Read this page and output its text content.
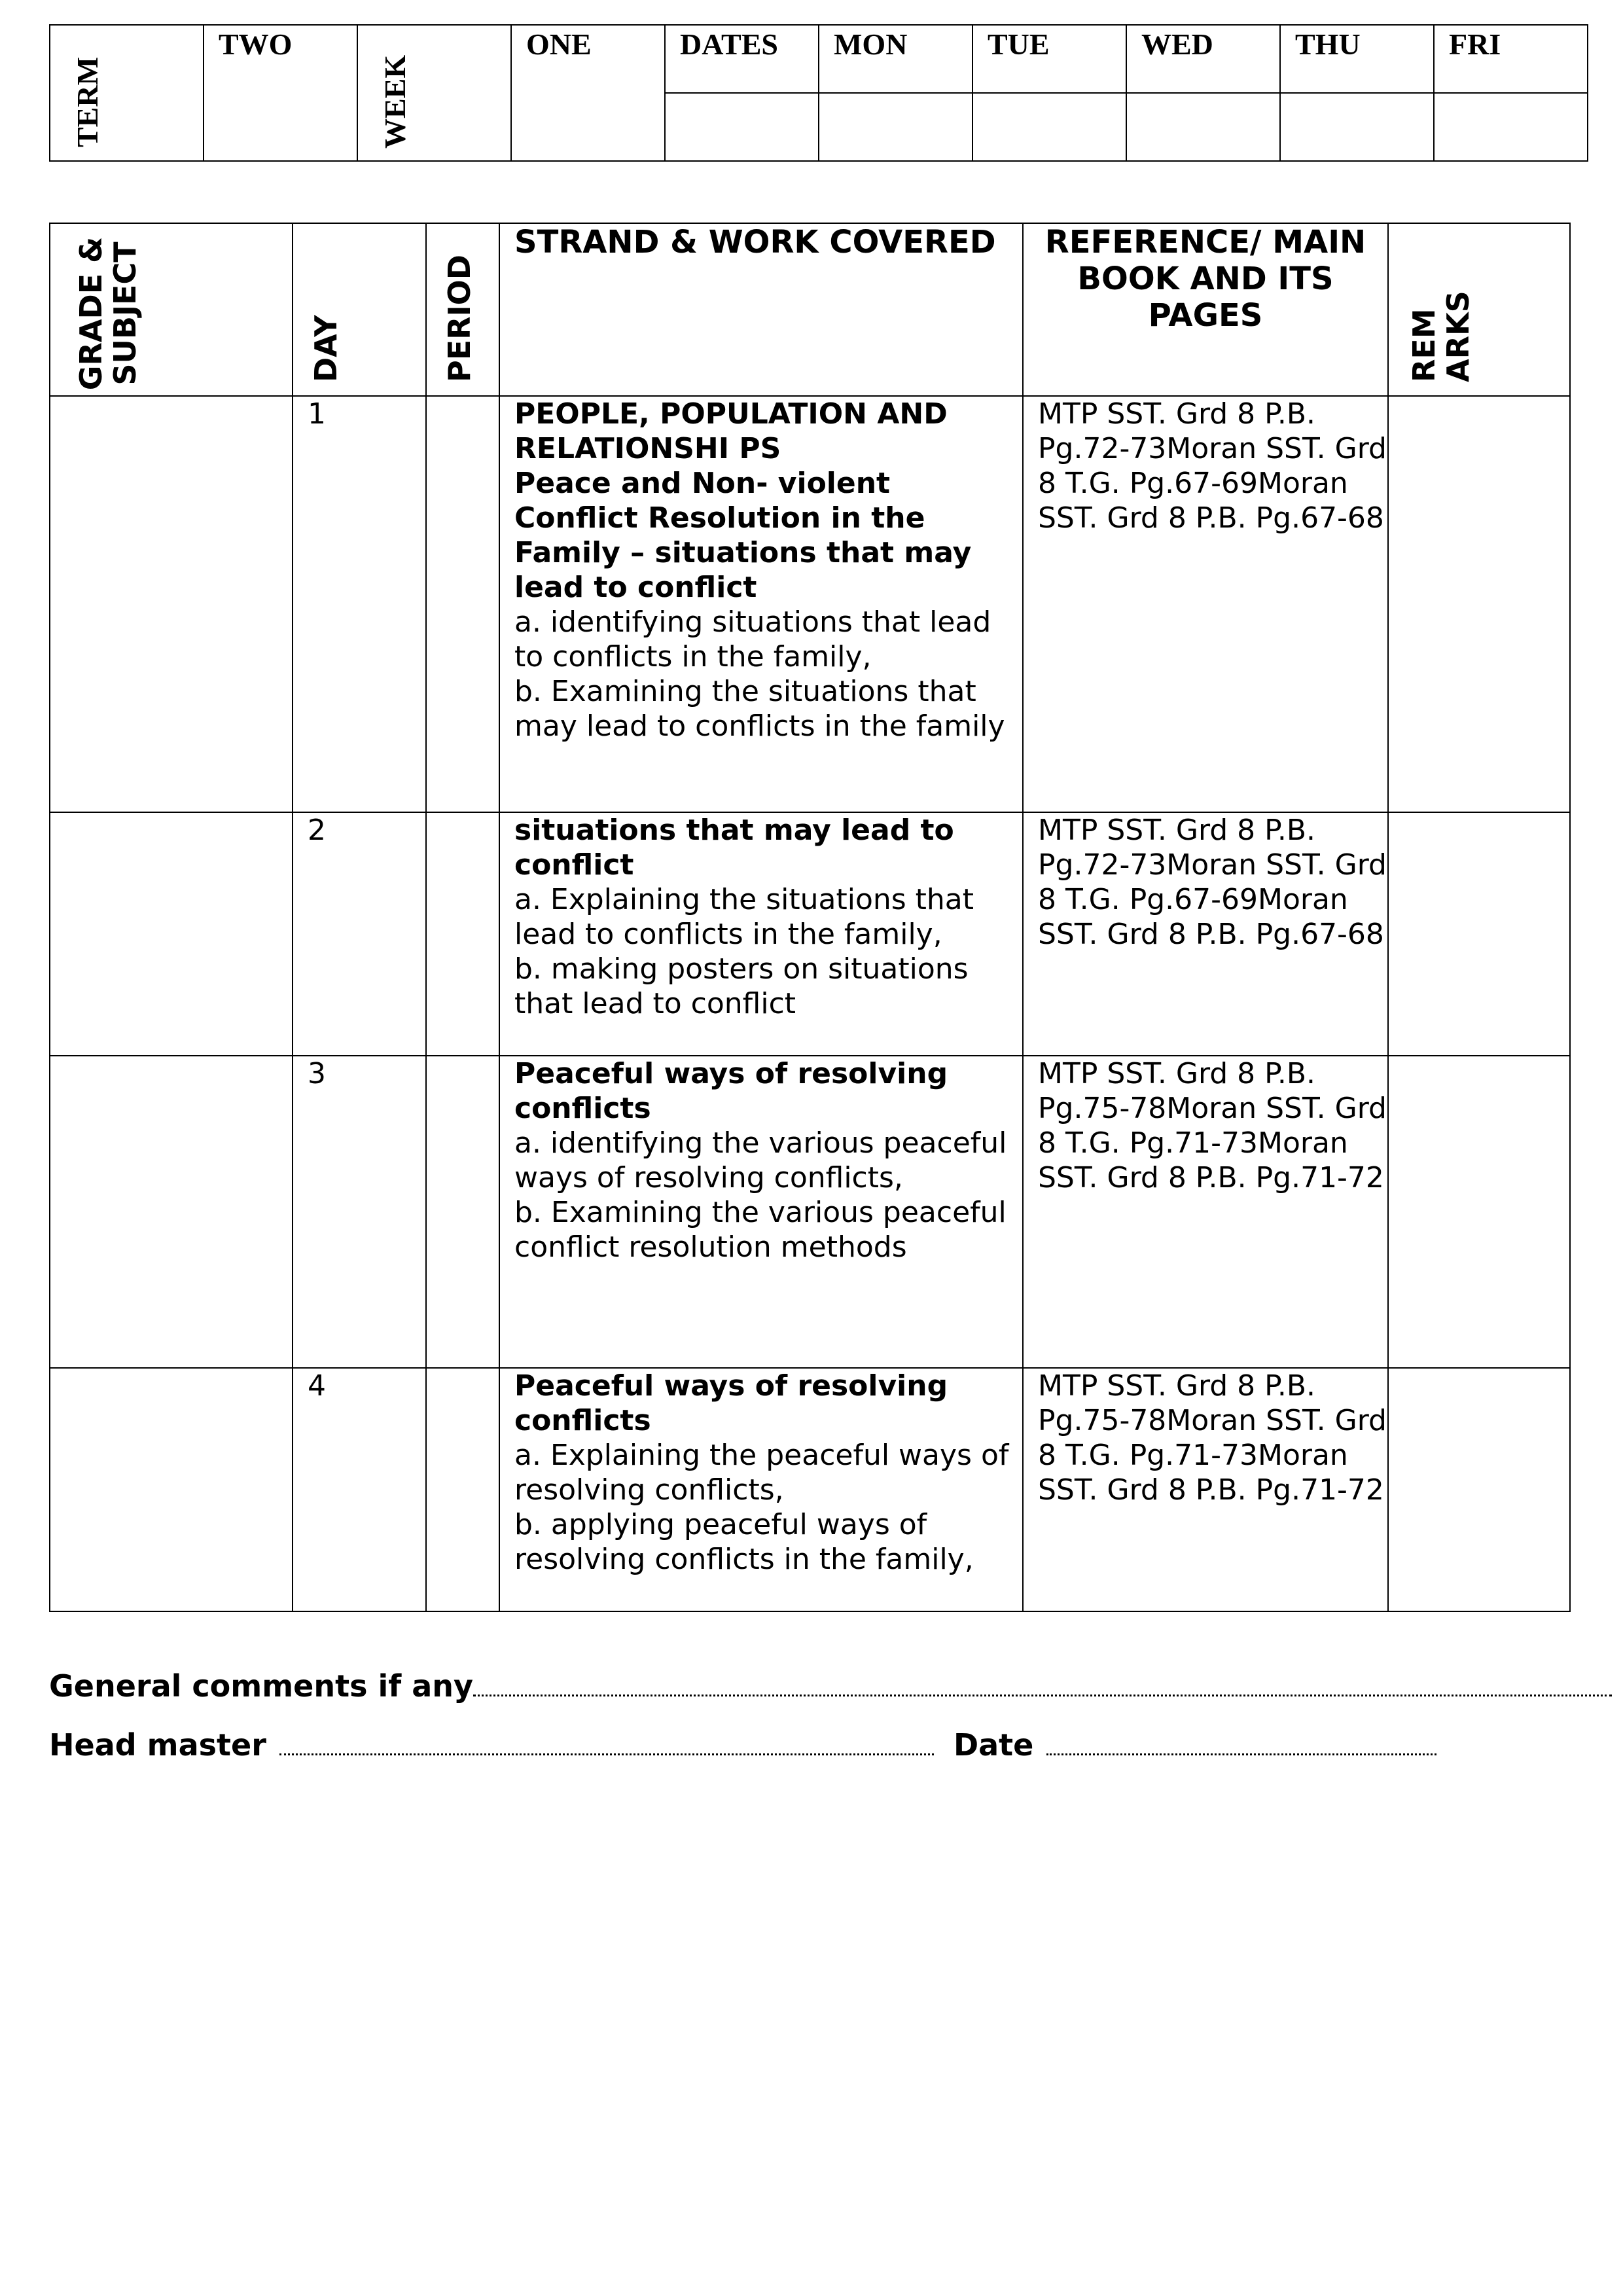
TERM	TWO	WEEK	ONE	DATES	MON	TUE	WED	THU	FRI

GRADE & SUBJECT	DAY	PERIOD	STRAND & WORK COVERED	REFERENCE/ MAIN BOOK AND ITS PAGES	REMARKS

	1		PEOPLE, POPULATION AND RELATIONSHI PS
Peace and Non- violent Conflict Resolution in the Family – situations that may lead to conflict
a. identifying situations that lead to conflicts in the family,
b. Examining the situations that may lead to conflicts in the family	MTP SST. Grd 8 P.B. Pg.72-73Moran SST. Grd 8 T.G. Pg.67-69Moran SST. Grd 8 P.B. Pg.67-68	
	2		situations that may lead to conflict
a. Explaining the situations that lead to conflicts in the family,
b. making posters on situations that lead to conflict	MTP SST. Grd 8 P.B. Pg.72-73Moran SST. Grd 8 T.G. Pg.67-69Moran SST. Grd 8 P.B. Pg.67-68	
	3		Peaceful ways of resolving conflicts
a. identifying the various peaceful ways of resolving conflicts,
b. Examining the various peaceful conflict resolution methods	MTP SST. Grd 8 P.B. Pg.75-78Moran SST. Grd 8 T.G. Pg.71-73Moran SST. Grd 8 P.B. Pg.71-72	
	4		Peaceful ways of resolving conflicts
a. Explaining the peaceful ways of resolving conflicts,
b. applying peaceful ways of resolving conflicts in the family,	MTP SST. Grd 8 P.B. Pg.75-78Moran SST. Grd 8 T.G. Pg.71-73Moran SST. Grd 8 P.B. Pg.71-72	
General comments if any
Head master	Date
